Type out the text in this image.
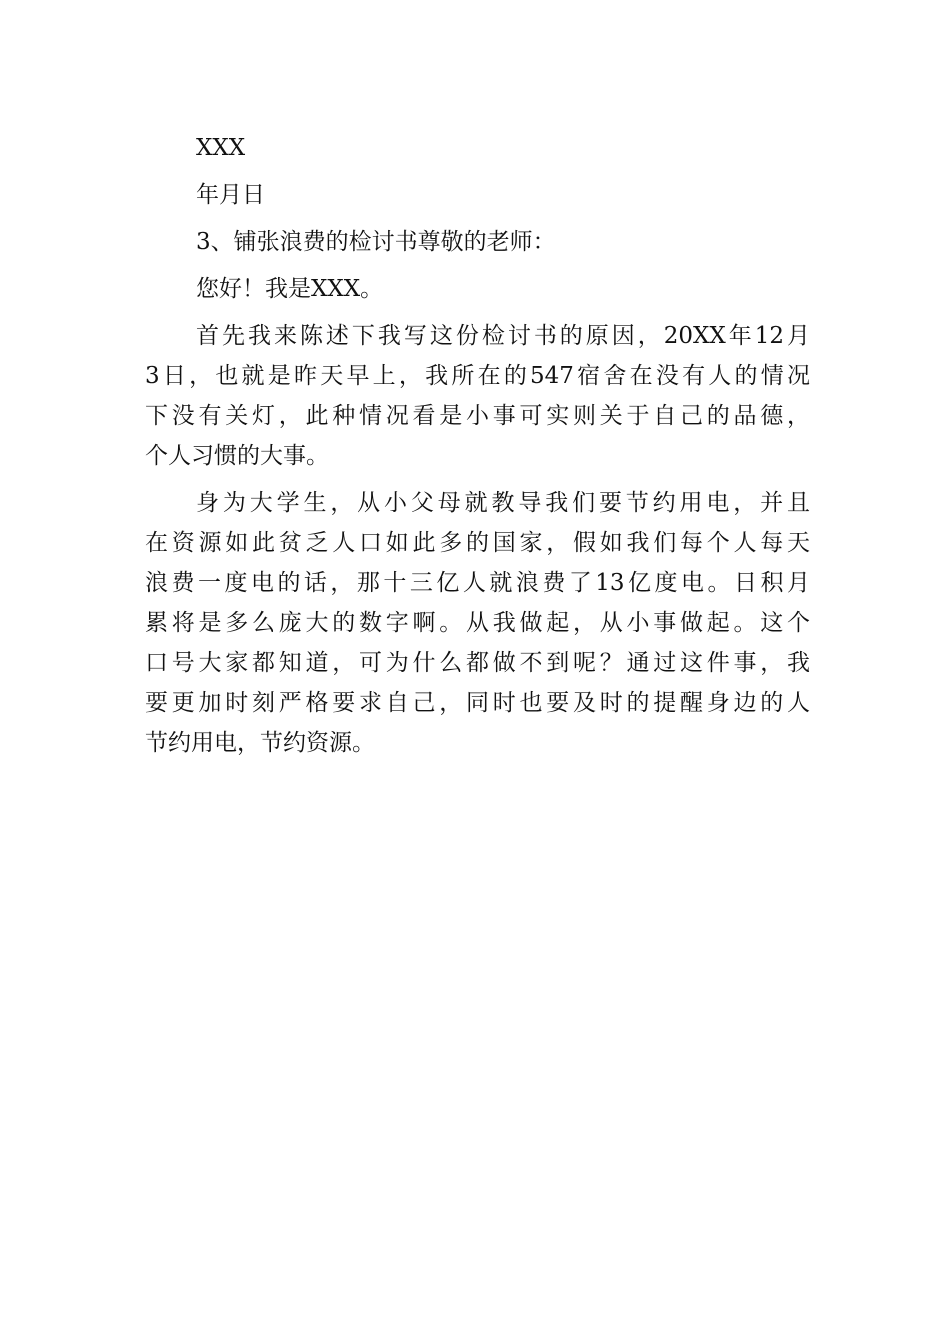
XXX

年月日

3、铺张浪费的检讨书尊敬的老师：

您好！我是XXX。

首先我来陈述下我写这份检讨书的原因，20XX年12月

3日，也就是昨天早上，我所在的547宿舍在没有人的情况

下没有关灯，此种情况看是小事可实则关于自己的品德，

个人习惯的大事。

身为大学生，从小父母就教导我们要节约用电，并且

在资源如此贫乏人口如此多的国家，假如我们每个人每天

浪费一度电的话，那十三亿人就浪费了13亿度电。日积月

累将是多么庞大的数字啊。从我做起，从小事做起。这个

口号大家都知道，可为什么都做不到呢？通过这件事，我

要更加时刻严格要求自己，同时也要及时的提醒身边的人

节约用电，节约资源。
